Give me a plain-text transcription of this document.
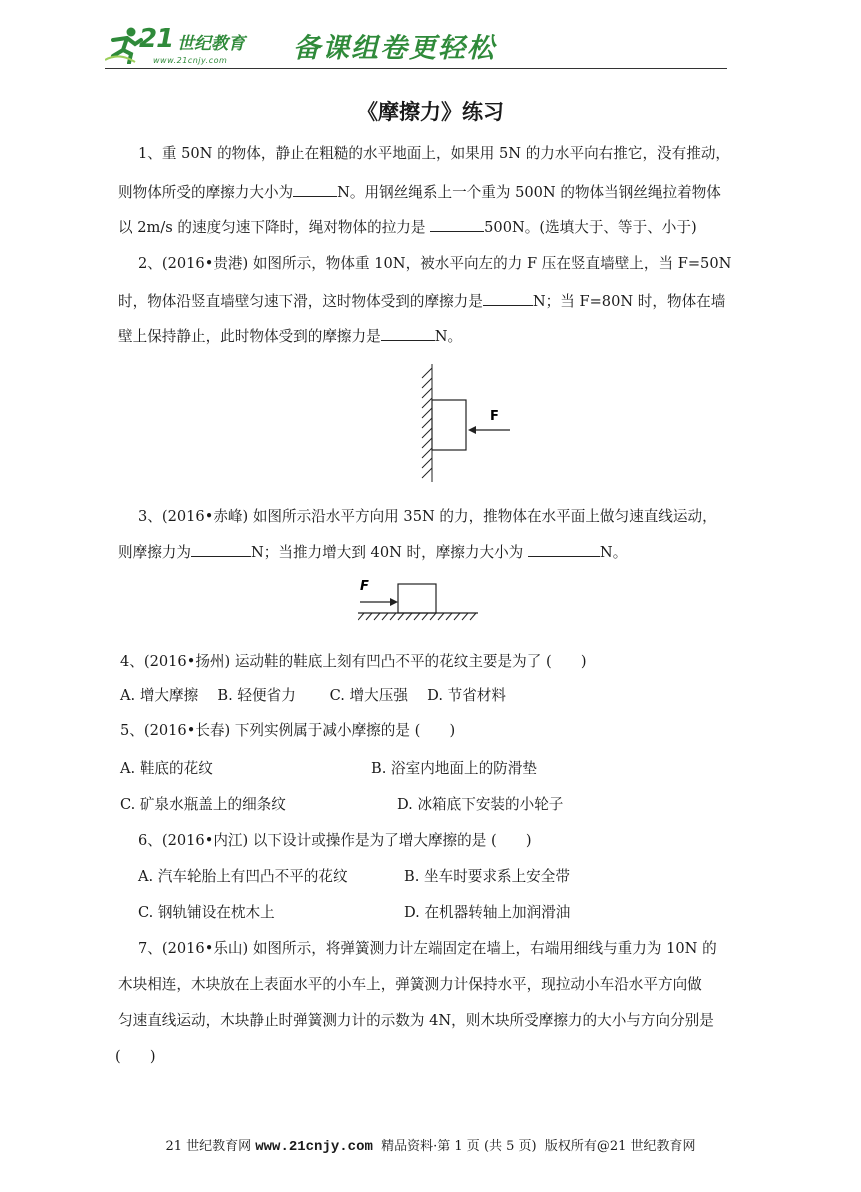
21 世纪教育
www.21cnjy.com 备课组卷更轻松
《摩擦力》练习
1、重 50N 的物体，静止在粗糙的水平地面上，如果用 5N 的力水平向右推它，没有推动，
则物体所受的摩擦力大小为	N。用钢丝绳系上一个重为 500N 的物体当钢丝绳拉着物体
以 2m/s 的速度匀速下降时，绳对物体的拉力是	500N。(选填大于、等于、小于)
2、(2016•贵港) 如图所示，物体重 10N，被水平向左的力 F 压在竖直墙壁上，当 F=50N
时，物体沿竖直墙壁匀速下滑，这时物体受到的摩擦力是	N；当 F=80N 时，物体在墙
壁上保持静止，此时物体受到的摩擦力是	N。
F
3、(2016•赤峰) 如图所示沿水平方向用 35N 的力，推物体在水平面上做匀速直线运动，
则摩擦力为	N；当推力增大到 40N 时，摩擦力大小为	N。
F
4、(2016•扬州) 运动鞋的鞋底上刻有凹凸不平的花纹主要是为了 (　　)
A. 增大摩擦　 B. 轻便省力　　 C. 增大压强　 D. 节省材料
5、(2016•长春) 下列实例属于减小摩擦的是 (　　)
A. 鞋底的花纹	B. 浴室内地面上的防滑垫
C. 矿泉水瓶盖上的细条纹	D. 冰箱底下安装的小轮子
6、(2016•内江) 以下设计或操作是为了增大摩擦的是 (　　)
A. 汽车轮胎上有凹凸不平的花纹	B. 坐车时要求系上安全带
C. 钢轨铺设在枕木上	D. 在机器转轴上加润滑油
7、(2016•乐山) 如图所示，将弹簧测力计左端固定在墙上，右端用细线与重力为 10N 的
木块相连，木块放在上表面水平的小车上，弹簧测力计保持水平，现拉动小车沿水平方向做
匀速直线运动，木块静止时弹簧测力计的示数为 4N，则木块所受摩擦力的大小与方向分别是
(　　)
21 世纪教育网 www.21cnjy.com  精品资料·第 1 页 (共 5 页)  版权所有@21 世纪教育网
